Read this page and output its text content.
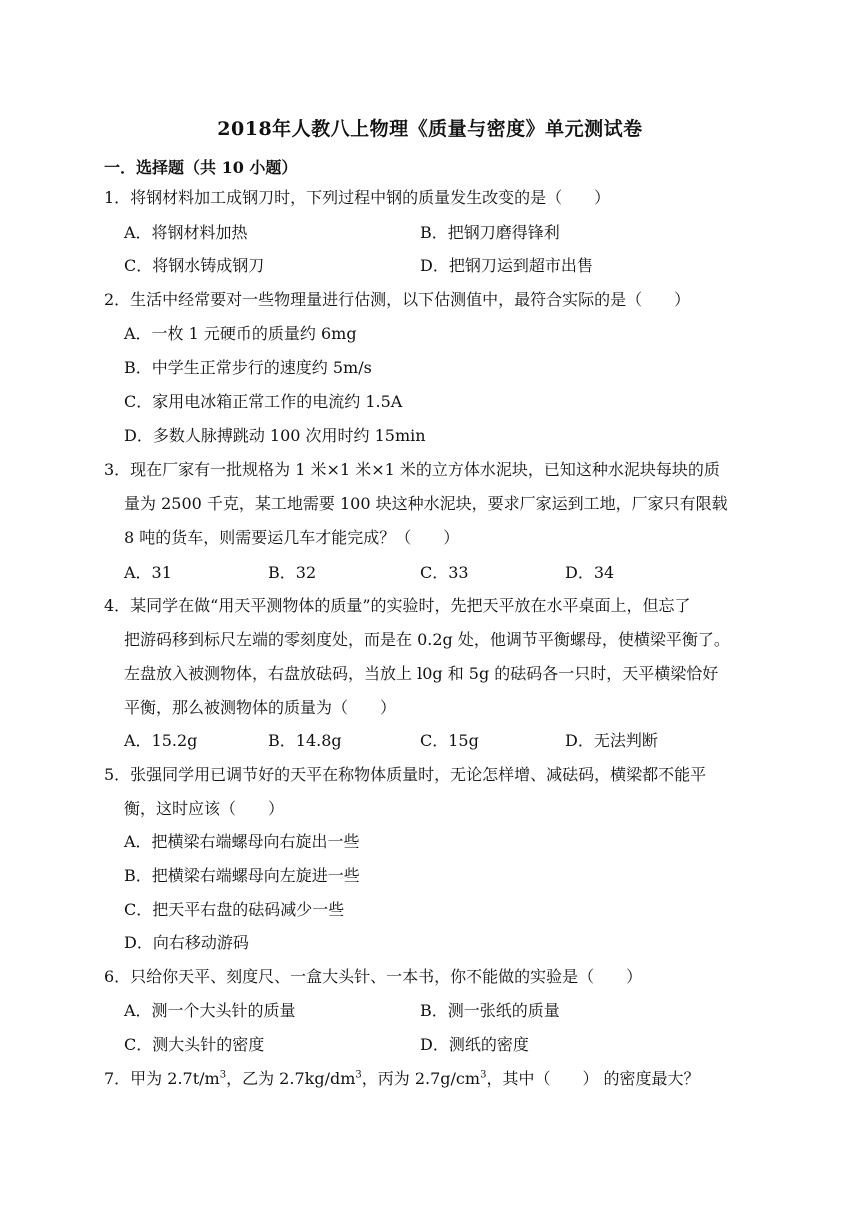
2018年人教八上物理《质量与密度》单元测试卷
一．选择题（共 10 小题）
1．将钢材料加工成钢刀时，下列过程中钢的质量发生改变的是（　　）
A．将钢材料加热	B．把钢刀磨得锋利
C．将钢水铸成钢刀	D．把钢刀运到超市出售
2．生活中经常要对一些物理量进行估测，以下估测值中，最符合实际的是（　　）
A．一枚 1 元硬币的质量约 6mg
B．中学生正常步行的速度约 5m/s
C．家用电冰箱正常工作的电流约 1.5A
D．多数人脉搏跳动 100 次用时约 15min
3．现在厂家有一批规格为 1 米×1 米×1 米的立方体水泥块，已知这种水泥块每块的质
量为 2500 千克，某工地需要 100 块这种水泥块，要求厂家运到工地，厂家只有限载
8 吨的货车，则需要运几车才能完成？（　　）
A．31	B．32	C．33	D．34
4．某同学在做“用天平测物体的质量”的实验时，先把天平放在水平桌面上，但忘了
把游码移到标尺左端的零刻度处，而是在 0.2g 处，他调节平衡螺母，使横梁平衡了。
左盘放入被测物体，右盘放砝码，当放上 l0g 和 5g 的砝码各一只时，天平横梁恰好
平衡，那么被测物体的质量为（　　）
A．15.2g	B．14.8g	C．15g	D．无法判断
5．张强同学用已调节好的天平在称物体质量时，无论怎样增、减砝码，横梁都不能平
衡，这时应该（　　）
A．把横梁右端螺母向右旋出一些
B．把横梁右端螺母向左旋进一些
C．把天平右盘的砝码减少一些
D．向右移动游码
6．只给你天平、刻度尺、一盒大头针、一本书，你不能做的实验是（　　）
A．测一个大头针的质量	B．测一张纸的质量
C．测大头针的密度	D．测纸的密度
7．甲为 $2.7t/m^3$，乙为 $2.7kg/dm^3$，丙为 $2.7g/cm^3$，其中（　　） 的密度最大？
